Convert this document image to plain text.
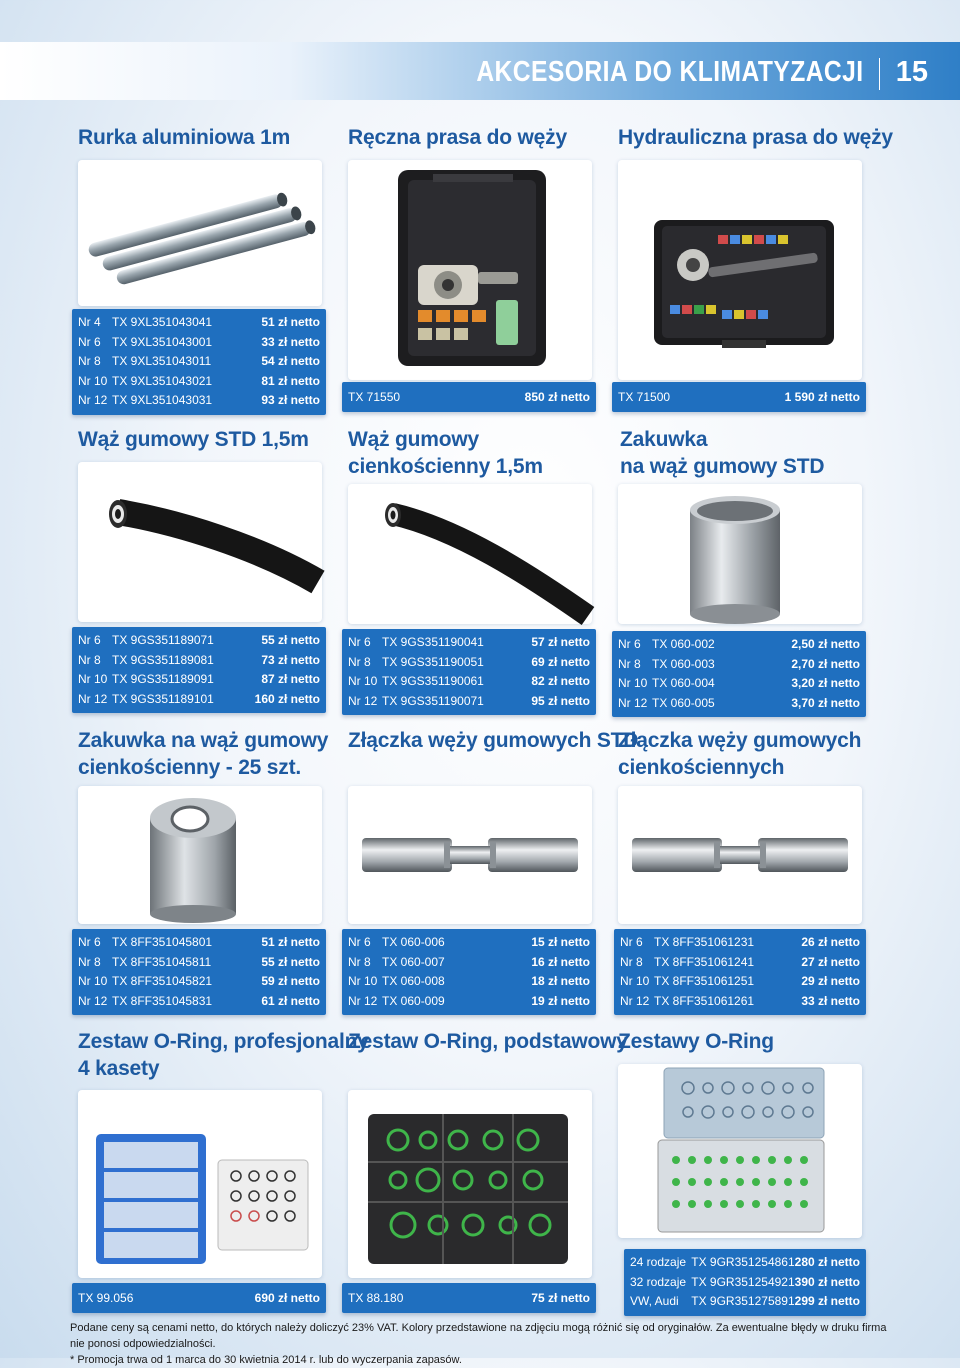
AKCESORIA DO KLIMATYZACJI 15
Rurka aluminiowa 1m
Nr 4	TX 9XL351043041	51 zł netto
Nr 6	TX 9XL351043001	33 zł netto
Nr 8	TX 9XL351043011	54 zł netto
Nr 10	TX 9XL351043021	81 zł netto
Nr 12	TX 9XL351043031	93 zł netto
Ręczna prasa do węży
TX 71550	850 zł netto
Hydrauliczna prasa do węży
TX 71500	1 590 zł netto
Wąż gumowy STD 1,5m
Nr 6	TX 9GS351189071	55 zł netto
Nr 8	TX 9GS351189081	73 zł netto
Nr 10	TX 9GS351189091	87 zł netto
Nr 12	TX 9GS351189101	160 zł netto
Wąż gumowy
cienkościenny 1,5m
Nr 6	TX 9GS351190041	57 zł netto
Nr 8	TX 9GS351190051	69 zł netto
Nr 10	TX 9GS351190061	82 zł netto
Nr 12	TX 9GS351190071	95 zł netto
Zakuwka
na wąż gumowy STD
Nr 6	TX 060-002	2,50 zł netto
Nr 8	TX 060-003	2,70 zł netto
Nr 10	TX 060-004	3,20 zł netto
Nr 12	TX 060-005	3,70 zł netto
Zakuwka na wąż gumowy
cienkościenny - 25 szt.
Nr 6	TX 8FF351045801	51 zł netto
Nr 8	TX 8FF351045811	55 zł netto
Nr 10	TX 8FF351045821	59 zł netto
Nr 12	TX 8FF351045831	61 zł netto
Złączka węży gumowych STD
Nr 6	TX 060-006	15 zł netto
Nr 8	TX 060-007	16 zł netto
Nr 10	TX 060-008	18 zł netto
Nr 12	TX 060-009	19 zł netto
Złączka węży gumowych
cienkościennych
Nr 6	TX 8FF351061231	26 zł netto
Nr 8	TX 8FF351061241	27 zł netto
Nr 10	TX 8FF351061251	29 zł netto
Nr 12	TX 8FF351061261	33 zł netto
Zestaw O-Ring, profesjonalny
4 kasety
TX 99.056	690 zł netto
Zestaw O-Ring, podstawowy
TX 88.180	75 zł netto
Zestawy O-Ring
24 rodzaje	TX 9GR351254861	280 zł netto
32 rodzaje	TX 9GR351254921	390 zł netto
VW, Audi	TX 9GR351275891	299 zł netto
Podane ceny są cenami netto, do których należy doliczyć 23% VAT. Kolory przedstawione na zdjęciu mogą różnić się od oryginałów. Za ewentualne błędy w druku firma nie ponosi odpowiedzialności.
* Promocja trwa od 1 marca do 30 kwietnia 2014 r. lub do wyczerpania zapasów.
